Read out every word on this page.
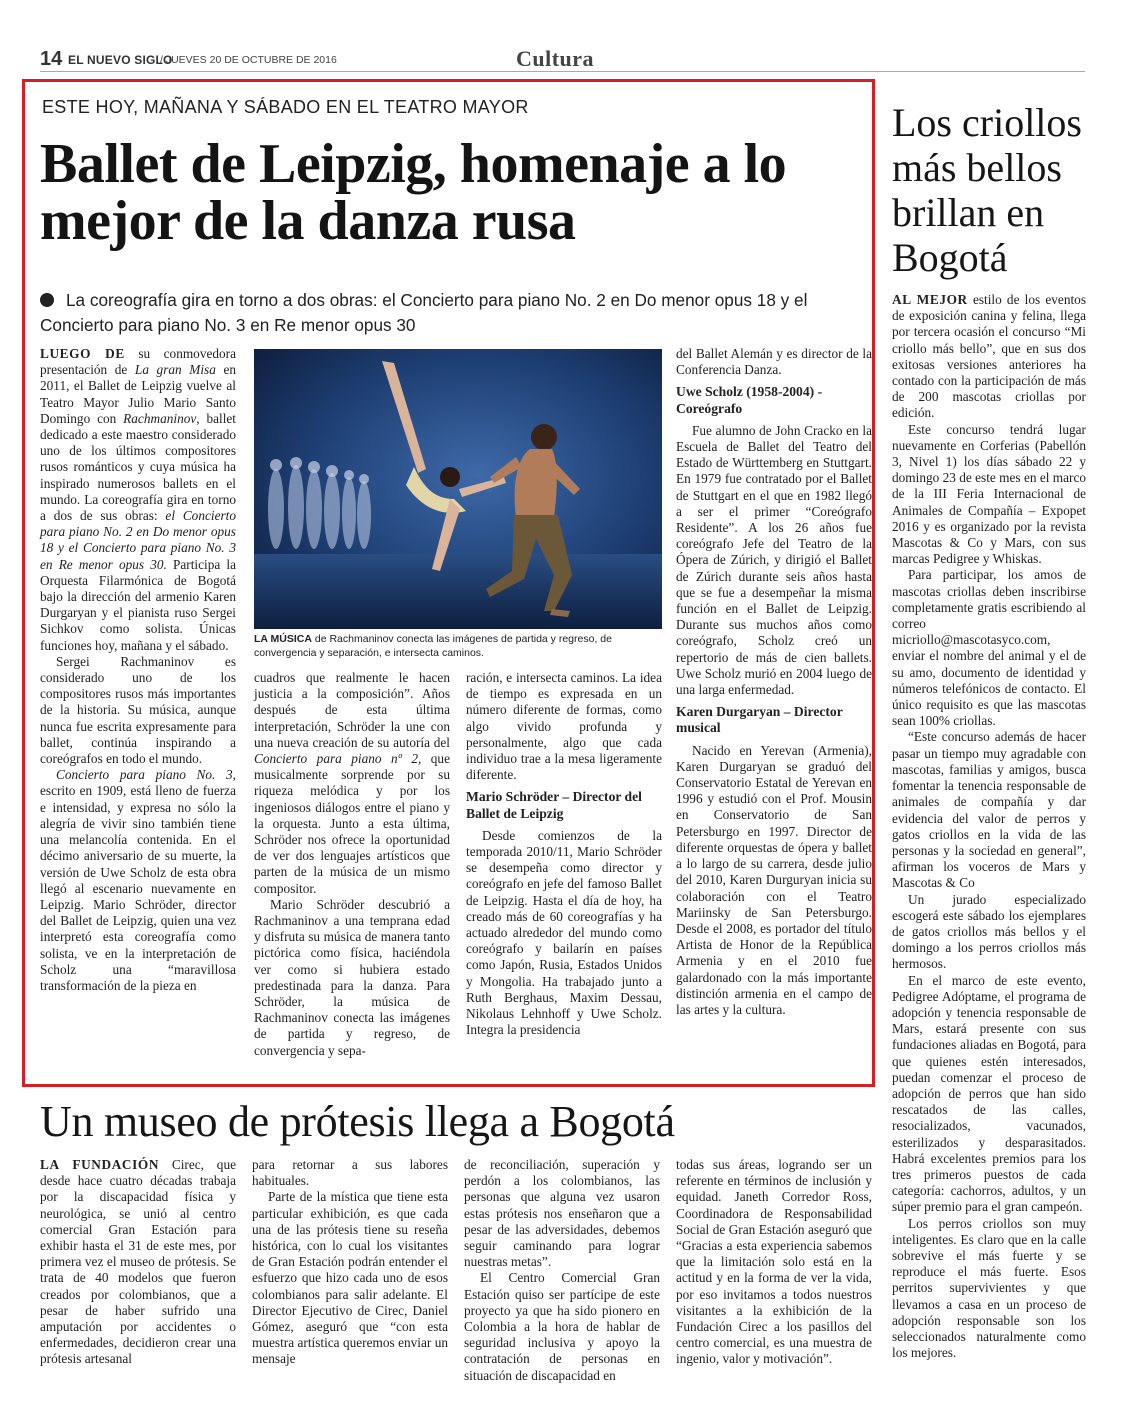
14 EL NUEVO SIGLO
/ JUEVES 20 DE OCTUBRE DE 2016	Cultura
ESTE HOY, MAÑANA Y SÁBADO EN EL TEATRO MAYOR
Ballet de Leipzig, homenaje a lo mejor de la danza rusa
La coreografía gira en torno a dos obras: el Concierto para piano No. 2 en Do menor opus 18 y el Concierto para piano No. 3 en Re menor opus 30

LUEGO DE su conmovedora presentación de La gran Misa en 2011, el Ballet de Leipzig vuelve al Teatro Mayor Julio Mario Santo Domingo con Rachmaninov, ballet dedicado a este maestro considerado uno de los últimos compositores rusos románticos y cuya música ha inspirado numerosos ballets en el mundo. La coreografía gira en torno a dos de sus obras: el Concierto para piano No. 2 en Do menor opus 18 y el Concierto para piano No. 3 en Re menor opus 30. Participa la Orquesta Filarmónica de Bogotá bajo la dirección del armenio Karen Durgaryan y el pianista ruso Sergei Sichkov como solista. Únicas funciones hoy, mañana y el sábado.

Sergei Rachmaninov es considerado uno de los compositores rusos más importantes de la historia. Su música, aunque nunca fue escrita expresamente para ballet, continúa inspirando a coreógrafos en todo el mundo.

Concierto para piano No. 3, escrito en 1909, está lleno de fuerza e intensidad, y expresa no sólo la alegría de vivir sino también tiene una melancolía contenida. En el décimo aniversario de su muerte, la versión de Uwe Scholz de esta obra llegó al escenario nuevamente en Leipzig. Mario Schröder, director del Ballet de Leipzig, quien una vez interpretó esta coreografía como solista, ve en la interpretación de Scholz una “maravillosa transformación de la pieza en

LA MÚSICA de Rachmaninov conecta las imágenes de partida y regreso, de convergencia y separación, e intersecta caminos.

cuadros que realmente le hacen justicia a la composición”. Años después de esta última interpretación, Schröder la une con una nueva creación de su autoría del Concierto para piano nº 2, que musicalmente sorprende por su riqueza melódica y por los ingeniosos diálogos entre el piano y la orquesta. Junto a esta última, Schröder nos ofrece la oportunidad de ver dos lenguajes artísticos que parten de la música de un mismo compositor.

Mario Schröder descubrió a Rachmaninov a una temprana edad y disfruta su música de manera tanto pictórica como física, haciéndola ver como si hubiera estado predestinada para la danza. Para Schröder, la música de Rachmaninov conecta las imágenes de partida y regreso, de convergencia y sepa-

ración, e intersecta caminos. La idea de tiempo es expresada en un número diferente de formas, como algo vivido profunda y personalmente, algo que cada individuo trae a la mesa ligeramente diferente.

Mario Schröder – Director del Ballet de Leipzig

Desde comienzos de la temporada 2010/11, Mario Schröder se desempeña como director y coreógrafo en jefe del famoso Ballet de Leipzig. Hasta el día de hoy, ha creado más de 60 coreografías y ha actuado alrededor del mundo como coreógrafo y bailarín en países como Japón, Rusia, Estados Unidos y Mongolia. Ha trabajado junto a Ruth Berghaus, Maxim Dessau, Nikolaus Lehnhoff y Uwe Scholz. Integra la presidencia

del Ballet Alemán y es director de la Conferencia Danza.

Uwe Scholz (1958-2004) - Coreógrafo

Fue alumno de John Cracko en la Escuela de Ballet del Teatro del Estado de Württemberg en Stuttgart. En 1979 fue contratado por el Ballet de Stuttgart en el que en 1982 llegó a ser el primer “Coreógrafo Residente”. A los 26 años fue coreógrafo Jefe del Teatro de la Ópera de Zúrich, y dirigió el Ballet de Zúrich durante seis años hasta que se fue a desempeñar la misma función en el Ballet de Leipzig. Durante sus muchos años como coreógrafo, Scholz creó un repertorio de más de cien ballets. Uwe Scholz murió en 2004 luego de una larga enfermedad.

Karen Durgaryan – Director musical

Nacido en Yerevan (Armenia), Karen Durgaryan se graduó del Conservatorio Estatal de Yerevan en 1996 y estudió con el Prof. Mousin en Conservatorio de San Petersburgo en 1997. Director de diferente orquestas de ópera y ballet a lo largo de su carrera, desde julio del 2010, Karen Durguryan inicia su colaboración con el Teatro Mariinsky de San Petersburgo. Desde el 2008, es portador del título Artista de Honor de la República Armenia y en el 2010 fue galardonado con la más importante distinción armenia en el campo de las artes y la cultura.

Los criollos más bellos brillan en Bogotá

AL MEJOR estilo de los eventos de exposición canina y felina, llega por tercera ocasión el concurso “Mi criollo más bello”, que en sus dos exitosas versiones anteriores ha contado con la participación de más de 200 mascotas criollas por edición.

Este concurso tendrá lugar nuevamente en Corferias (Pabellón 3, Nivel 1) los días sábado 22 y domingo 23 de este mes en el marco de la III Feria Internacional de Animales de Compañía – Expopet 2016 y es organizado por la revista Mascotas & Co y Mars, con sus marcas Pedigree y Whiskas.

Para participar, los amos de mascotas criollas deben inscribirse completamente gratis escribiendo al correo micriollo@mascotasyco.com, enviar el nombre del animal y el de su amo, documento de identidad y números telefónicos de contacto. El único requisito es que las mascotas sean 100% criollas.

“Este concurso además de hacer pasar un tiempo muy agradable con mascotas, familias y amigos, busca fomentar la tenencia responsable de animales de compañía y dar evidencia del valor de perros y gatos criollos en la vida de las personas y la sociedad en general”, afirman los voceros de Mars y Mascotas & Co

Un jurado especializado escogerá este sábado los ejemplares de gatos criollos más bellos y el domingo a los perros criollos más hermosos.

En el marco de este evento, Pedigree Adóptame, el programa de adopción y tenencia responsable de Mars, estará presente con sus fundaciones aliadas en Bogotá, para que quienes estén interesados, puedan comenzar el proceso de adopción de perros que han sido rescatados de las calles, resocializados, vacunados, esterilizados y desparasitados. Habrá excelentes premios para los tres primeros puestos de cada categoría: cachorros, adultos, y un súper premio para el gran campeón.

Los perros criollos son muy inteligentes. Es claro que en la calle sobrevive el más fuerte y se reproduce el más fuerte. Esos perritos supervivientes y que llevamos a casa en un proceso de adopción responsable son los seleccionados naturalmente como los mejores.

Un museo de prótesis llega a Bogotá

LA FUNDACIÓN Cirec, que desde hace cuatro décadas trabaja por la discapacidad física y neurológica, se unió al centro comercial Gran Estación para exhibir hasta el 31 de este mes, por primera vez el museo de prótesis. Se trata de 40 modelos que fueron creados por colombianos, que a pesar de haber sufrido una amputación por accidentes o enfermedades, decidieron crear una prótesis artesanal

para retornar a sus labores habituales.

Parte de la mística que tiene esta particular exhibición, es que cada una de las prótesis tiene su reseña histórica, con lo cual los visitantes de Gran Estación podrán entender el esfuerzo que hizo cada uno de esos colombianos para salir adelante. El Director Ejecutivo de Cirec, Daniel Gómez, aseguró que “con esta muestra artística queremos enviar un mensaje

de reconciliación, superación y perdón a los colombianos, las personas que alguna vez usaron estas prótesis nos enseñaron que a pesar de las adversidades, debemos seguir caminando para lograr nuestras metas”.

El Centro Comercial Gran Estación quiso ser partícipe de este proyecto ya que ha sido pionero en Colombia a la hora de hablar de seguridad inclusiva y apoyo la contratación de personas en situación de discapacidad en

todas sus áreas, logrando ser un referente en términos de inclusión y equidad. Janeth Corredor Ross, Coordinadora de Responsabilidad Social de Gran Estación aseguró que “Gracias a esta experiencia sabemos que la limitación solo está en la actitud y en la forma de ver la vida, por eso invitamos a todos nuestros visitantes a la exhibición de la Fundación Cirec a los pasillos del centro comercial, es una muestra de ingenio, valor y motivación”.
